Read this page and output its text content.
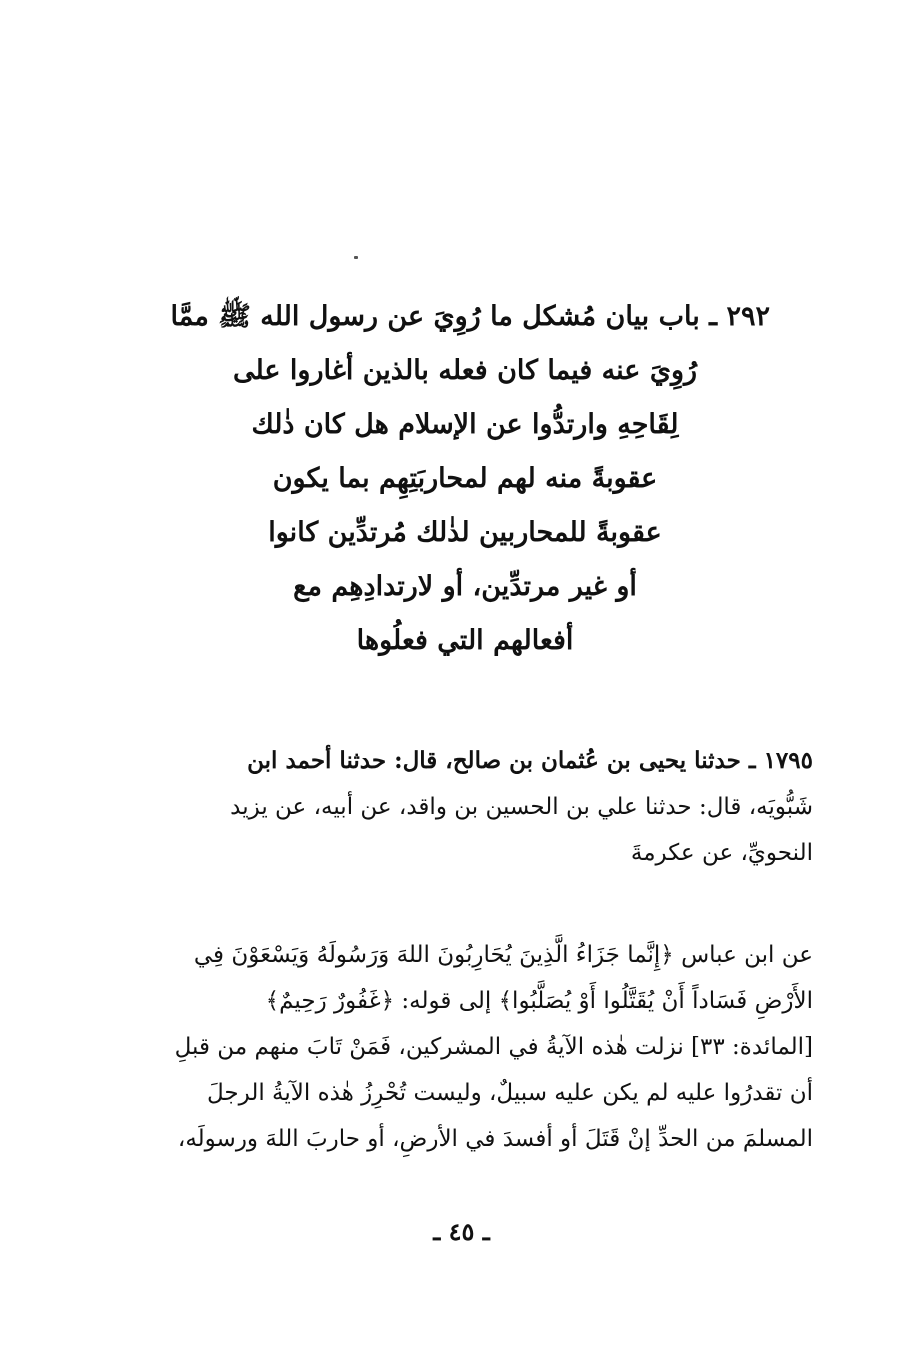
٢٩٢ ـ باب بيان مُشكل ما رُوِيَ عن رسول الله ﷺ ممَّا
رُوِيَ عنه فيما كان فعله بالذين أغاروا على
لِقَاحِهِ وارتدُّوا عن الإسلام هل كان ذٰلك
عقوبةً منه لهم لمحاربَتِهِم بما يكون
عقوبةً للمحاربين لذٰلك مُرتدِّين كانوا
أو غير مرتدِّين، أو لارتدادِهِم مع
أفعالهم التي فعلُوها
١٧٩٥ ـ حدثنا يحيى بن عُثمان بن صالح، قال: حدثنا أحمد ابن
شَبُّويَه، قال: حدثنا علي بن الحسين بن واقد، عن أبيه، عن يزيد
النحويِّ، عن عكرمةَ
عن ابن عباس ﴿إِنَّما جَزَاءُ الَّذِينَ يُحَارِبُونَ اللهَ وَرَسُولَهُ وَيَسْعَوْنَ فِي
الأَرْضِ فَسَاداً أَنْ يُقَتَّلُوا أَوْ يُصَلَّبُوا﴾ إلى قوله: ﴿غَفُورٌ رَحِيمٌ﴾
[المائدة: ٣٣] نزلت هٰذه الآيةُ في المشركين، فَمَنْ تَابَ منهم من قبلِ
أن تقدرُوا عليه لم يكن عليه سبيلٌ، وليست تُحْرِزُ هٰذه الآيةُ الرجلَ
المسلمَ من الحدِّ إنْ قَتَلَ أو أفسدَ في الأرضِ، أو حاربَ اللهَ ورسولَه،
ـ ٤٥ ـ
